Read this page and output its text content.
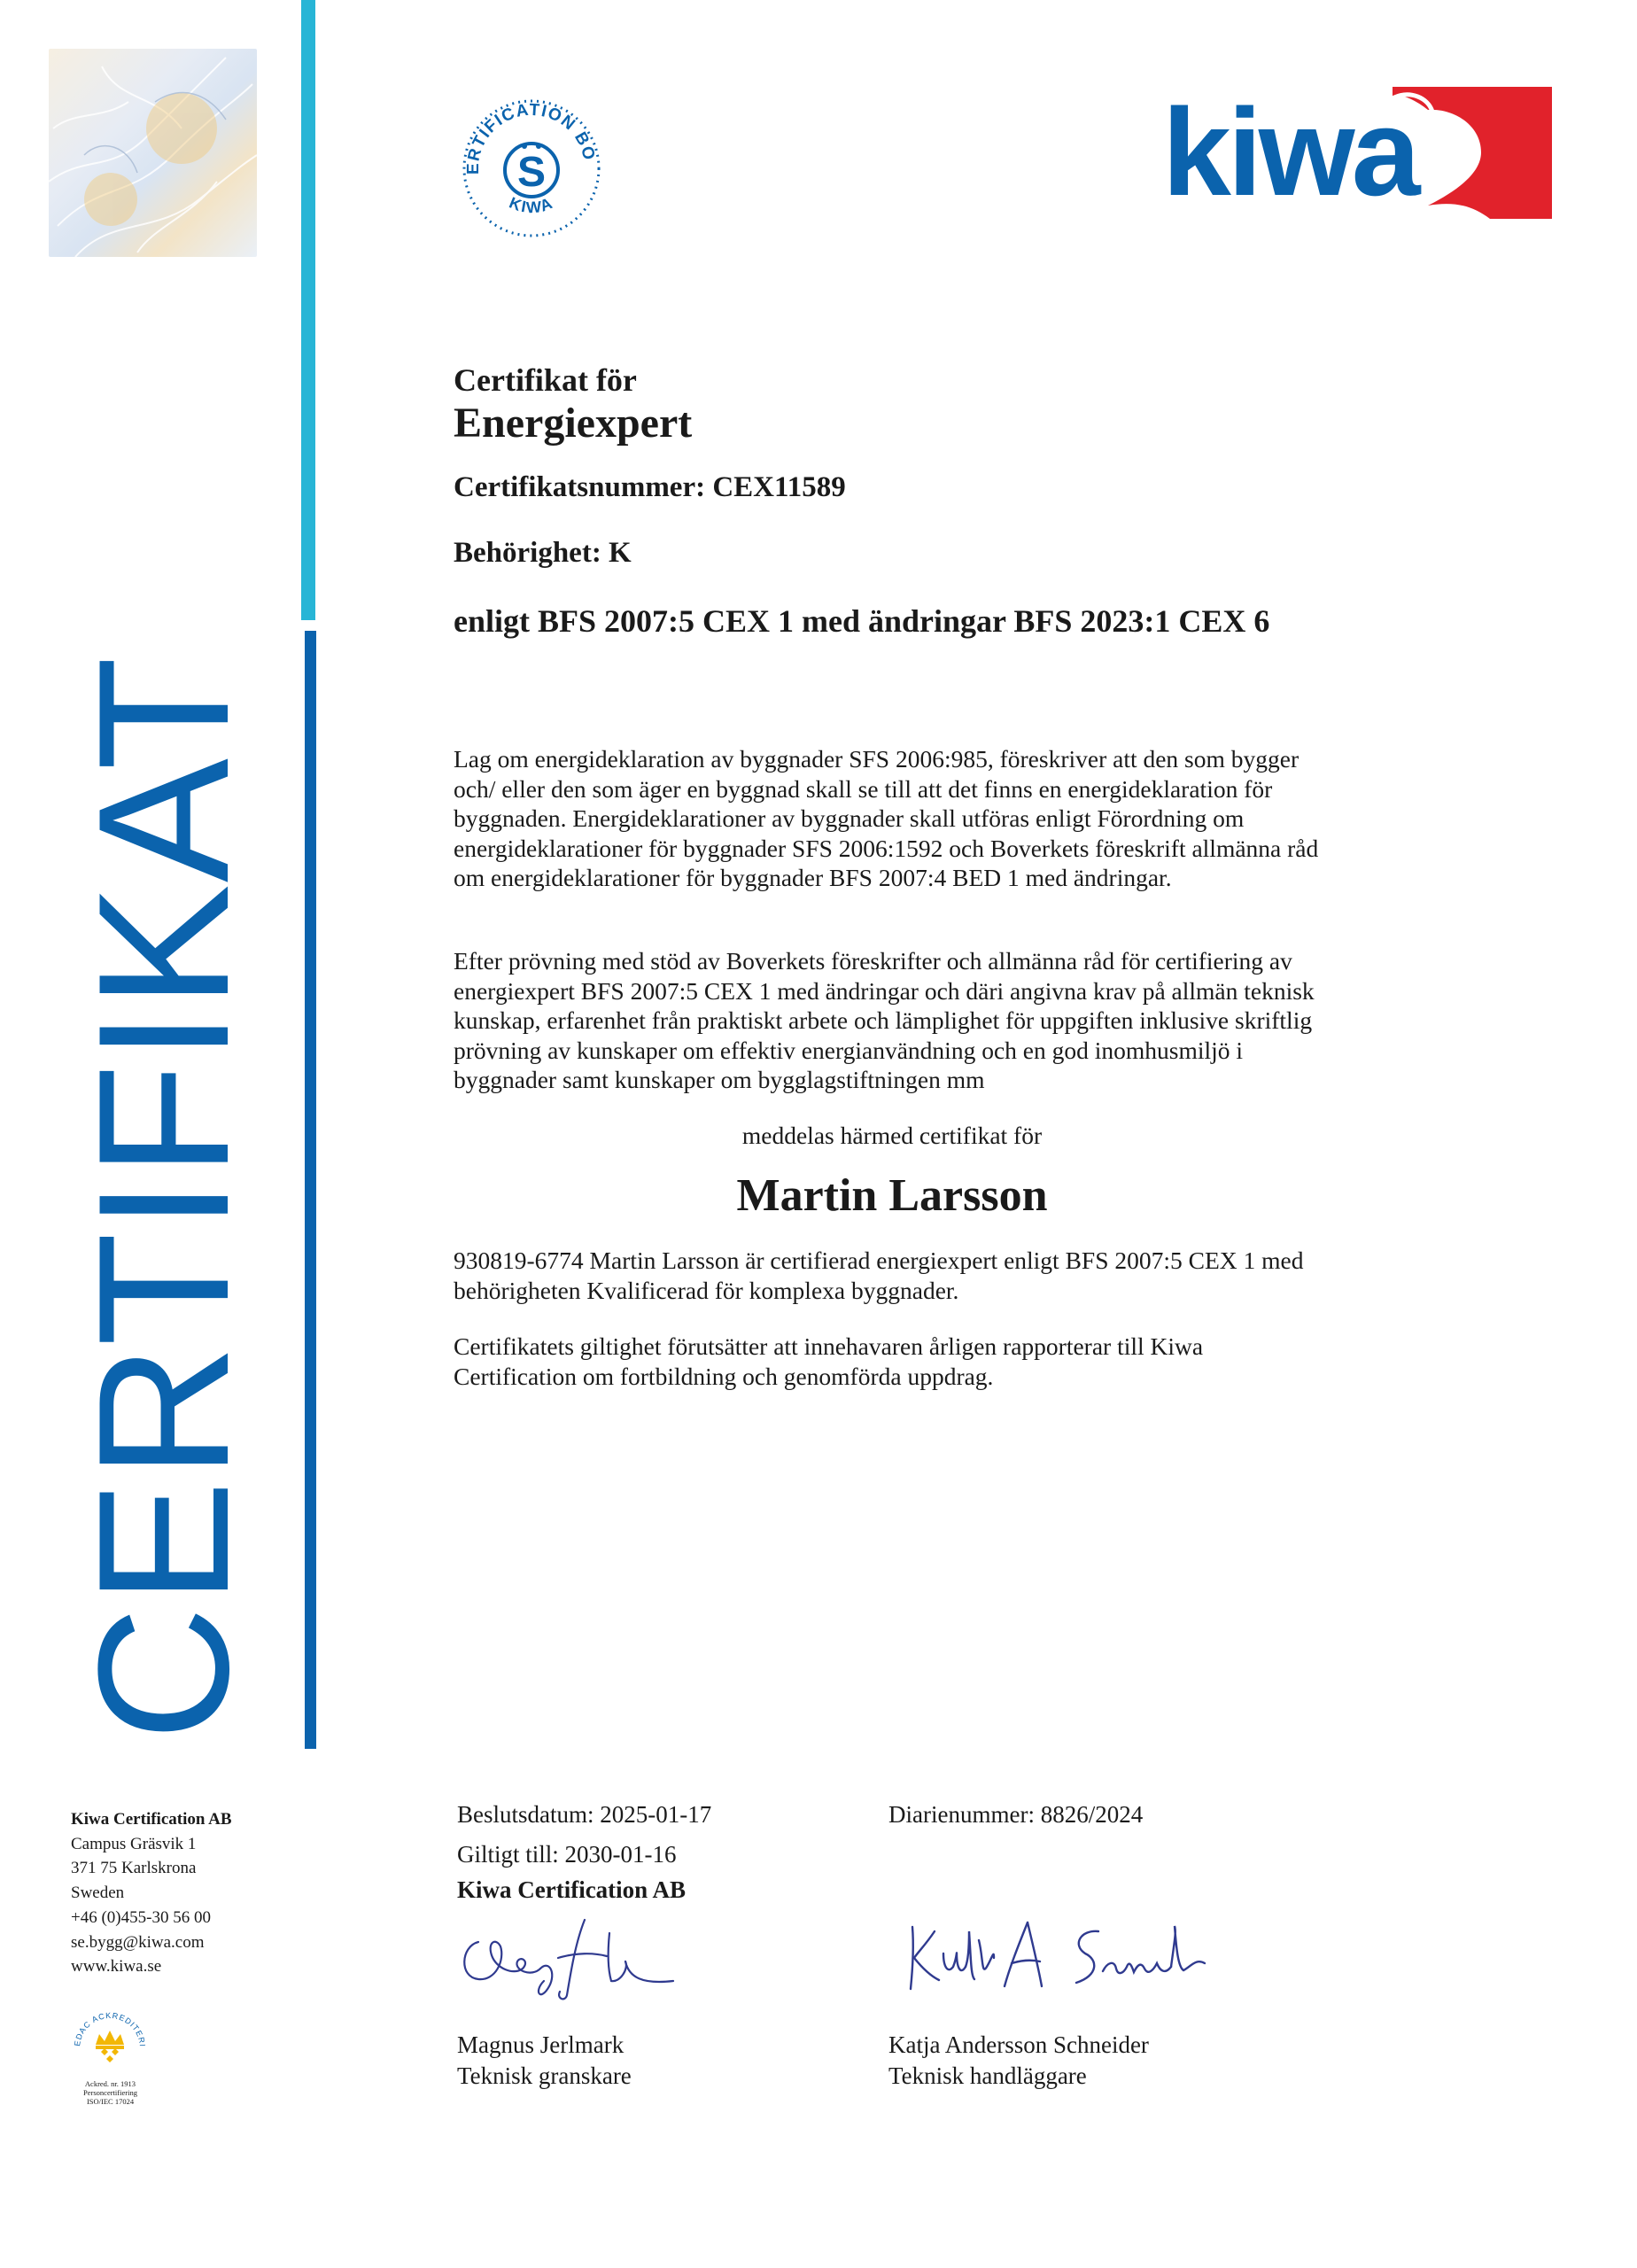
CERTIFIKAT
ERTIFICATION BO
KIWA
S	kiwa
Certifikat för
Energiexpert
Certifikatsnummer: CEX11589
Behörighet: K
enligt BFS 2007:5 CEX 1 med ändringar BFS 2023:1 CEX 6
Lag om energideklaration av byggnader SFS 2006:985, föreskriver att den som bygger och/ eller den som äger en byggnad skall se till att det finns en energideklaration för byggnaden. Energideklarationer av byggnader skall utföras enligt Förordning om energideklarationer för byggnader SFS 2006:1592 och Boverkets föreskrift allmänna råd om energideklarationer för byggnader BFS 2007:4 BED 1 med ändringar.
Efter prövning med stöd av Boverkets föreskrifter och allmänna råd för certifiering av energiexpert BFS 2007:5 CEX 1 med ändringar och däri angivna krav på allmän teknisk kunskap, erfarenhet från praktiskt arbete och lämplighet för uppgiften inklusive skriftlig prövning av kunskaper om effektiv energianvändning och en god inomhusmiljö i byggnader samt kunskaper om bygglagstiftningen mm
meddelas härmed certifikat för
Martin Larsson
930819-6774 Martin Larsson är certifierad energiexpert enligt BFS 2007:5 CEX 1 med behörigheten Kvalificerad för komplexa byggnader.
Certifikatets giltighet förutsätter att innehavaren årligen rapporterar till Kiwa Certification om fortbildning och genomförda uppdrag.
Kiwa Certification AB
Campus Gräsvik 1
371 75 Karlskrona
Sweden
+46 (0)455-30 56 00
se.bygg@kiwa.com
www.kiwa.se
EDAC ACKREDITERI
Ackred. nr. 1913
Personcertifiering
ISO/IEC 17024
Beslutsdatum: 2025-01-17
Giltigt till: 2030-01-16
Kiwa Certification AB
Diarienummer: 8826/2024
Magnus Jerlmark
Teknisk granskare
Katja Andersson Schneider
Teknisk handläggare
